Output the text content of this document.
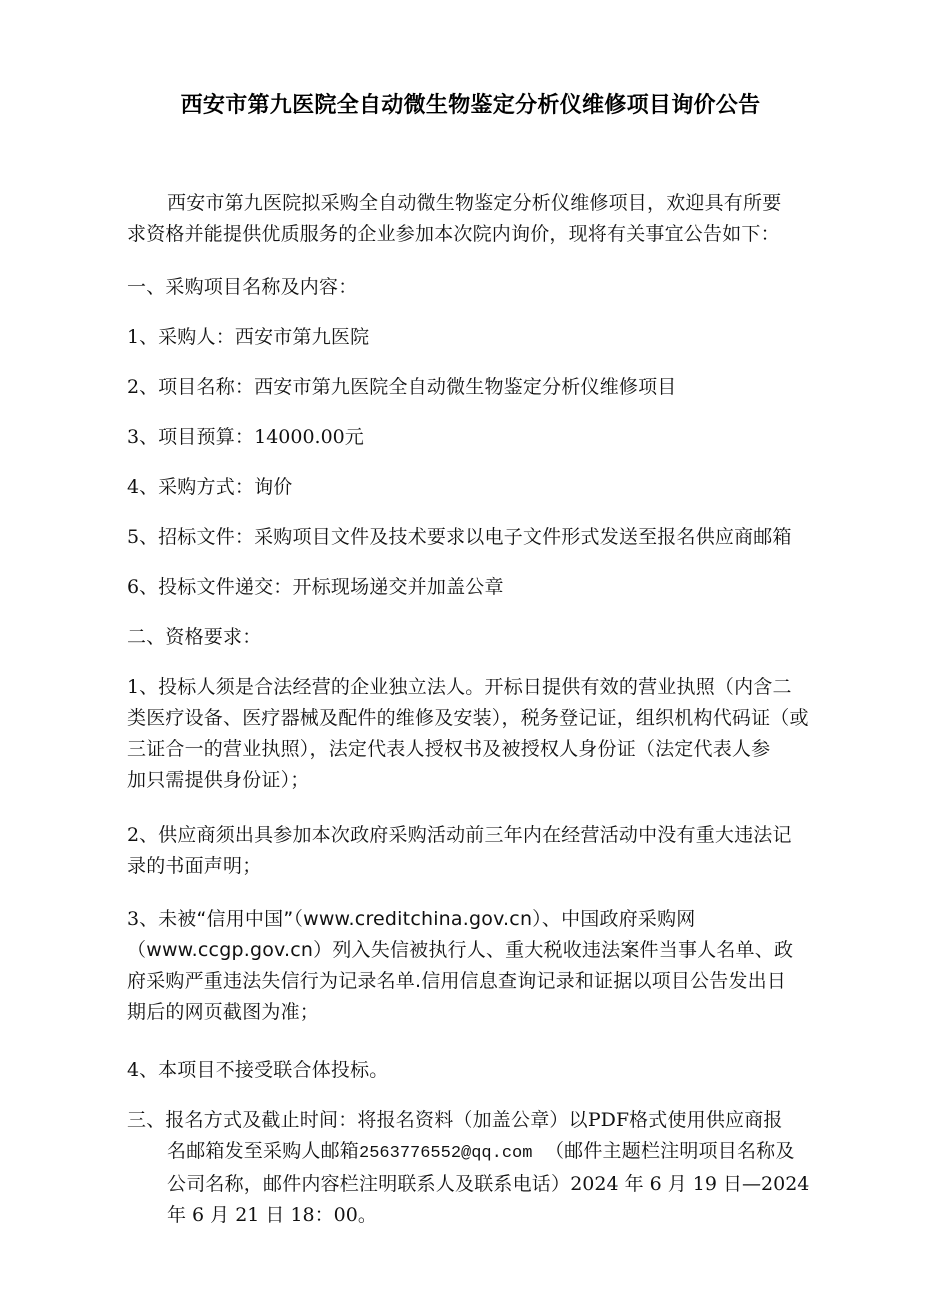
西安市第九医院全自动微生物鉴定分析仪维修项目询价公告
西安市第九医院拟采购全自动微生物鉴定分析仪维修项目，欢迎具有所要
求资格并能提供优质服务的企业参加本次院内询价，现将有关事宜公告如下：
一、采购项目名称及内容：
1、采购人：西安市第九医院
2、项目名称：西安市第九医院全自动微生物鉴定分析仪维修项目
3、项目预算：14000.00元
4、采购方式：询价
5、招标文件：采购项目文件及技术要求以电子文件形式发送至报名供应商邮箱
6、投标文件递交：开标现场递交并加盖公章
二、资格要求：
1、投标人须是合法经营的企业独立法人。开标日提供有效的营业执照（内含二
类医疗设备、医疗器械及配件的维修及安装），税务登记证，组织机构代码证（或
三证合一的营业执照），法定代表人授权书及被授权人身份证（法定代表人参
加只需提供身份证）；
2、供应商须出具参加本次政府采购活动前三年内在经营活动中没有重大违法记
录的书面声明；
3、未被“信用中国”（www.creditchina.gov.cn）、中国政府采购网
（www.ccgp.gov.cn）列入失信被执行人、重大税收违法案件当事人名单、政
府采购严重违法失信行为记录名单.信用信息查询记录和证据以项目公告发出日
期后的网页截图为准；
4、本项目不接受联合体投标。
三、报名方式及截止时间：将报名资料（加盖公章）以PDF格式使用供应商报
名邮箱发至采购人邮箱2563776552@qq.com （邮件主题栏注明项目名称及
公司名称，邮件内容栏注明联系人及联系电话）2024 年 6 月 19 日—2024
年 6 月 21 日 18：00。
